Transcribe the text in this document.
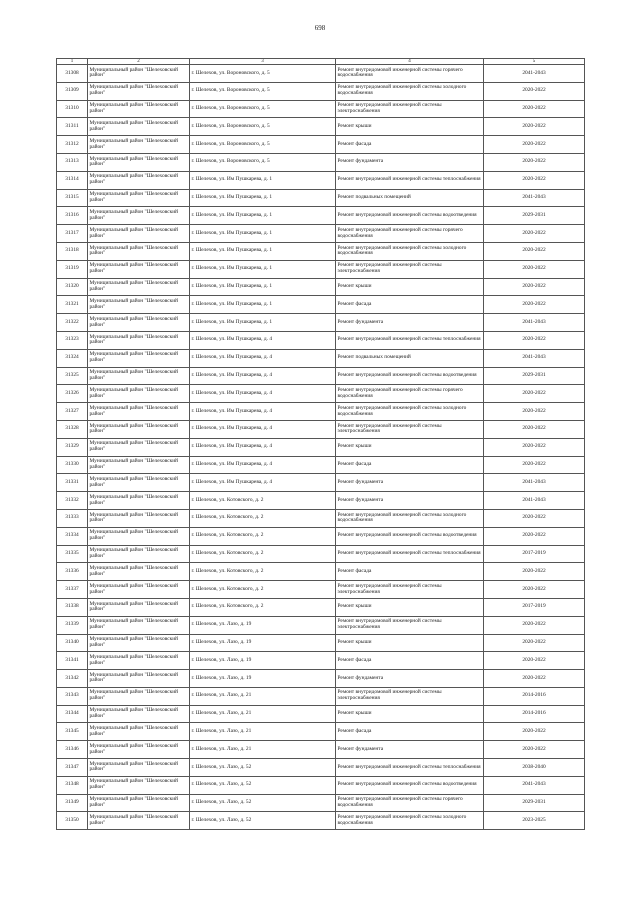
698
1	2	3	4	5
31308	Муниципальный район "Шелеховский район"	г. Шелехов, ул. Вороновского, д. 5	Ремонт внутридомовой инженерной системы горячего водоснабжения	2041-2043
31309	Муниципальный район "Шелеховский район"	г. Шелехов, ул. Вороновского, д. 5	Ремонт внутридомовой инженерной системы холодного водоснабжения	2020-2022
31310	Муниципальный район "Шелеховский район"	г. Шелехов, ул. Вороновского, д. 5	Ремонт внутридомовой инженерной системы электроснабжения	2020-2022
31311	Муниципальный район "Шелеховский район"	г. Шелехов, ул. Вороновского, д. 5	Ремонт крыши	2020-2022
31312	Муниципальный район "Шелеховский район"	г. Шелехов, ул. Вороновского, д. 5	Ремонт фасада	2020-2022
31313	Муниципальный район "Шелеховский район"	г. Шелехов, ул. Вороновского, д. 5	Ремонт фундамента	2020-2022
31314	Муниципальный район "Шелеховский район"	г. Шелехов, ул. Им Пушкарева, д. 1	Ремонт внутридомовой инженерной системы теплоснабжения	2020-2022
31315	Муниципальный район "Шелеховский район"	г. Шелехов, ул. Им Пушкарева, д. 1	Ремонт подвальных помещений	2041-2043
31316	Муниципальный район "Шелеховский район"	г. Шелехов, ул. Им Пушкарева, д. 1	Ремонт внутридомовой инженерной системы водоотведения	2029-2031
31317	Муниципальный район "Шелеховский район"	г. Шелехов, ул. Им Пушкарева, д. 1	Ремонт внутридомовой инженерной системы горячего водоснабжения	2020-2022
31318	Муниципальный район "Шелеховский район"	г. Шелехов, ул. Им Пушкарева, д. 1	Ремонт внутридомовой инженерной системы холодного водоснабжения	2020-2022
31319	Муниципальный район "Шелеховский район"	г. Шелехов, ул. Им Пушкарева, д. 1	Ремонт внутридомовой инженерной системы электроснабжения	2020-2022
31320	Муниципальный район "Шелеховский район"	г. Шелехов, ул. Им Пушкарева, д. 1	Ремонт крыши	2020-2022
31321	Муниципальный район "Шелеховский район"	г. Шелехов, ул. Им Пушкарева, д. 1	Ремонт фасада	2020-2022
31322	Муниципальный район "Шелеховский район"	г. Шелехов, ул. Им Пушкарева, д. 1	Ремонт фундамента	2041-2043
31323	Муниципальный район "Шелеховский район"	г. Шелехов, ул. Им Пушкарева, д. 4	Ремонт внутридомовой инженерной системы теплоснабжения	2020-2022
31324	Муниципальный район "Шелеховский район"	г. Шелехов, ул. Им Пушкарева, д. 4	Ремонт подвальных помещений	2041-2043
31325	Муниципальный район "Шелеховский район"	г. Шелехов, ул. Им Пушкарева, д. 4	Ремонт внутридомовой инженерной системы водоотведения	2029-2031
31326	Муниципальный район "Шелеховский район"	г. Шелехов, ул. Им Пушкарева, д. 4	Ремонт внутридомовой инженерной системы горячего водоснабжения	2020-2022
31327	Муниципальный район "Шелеховский район"	г. Шелехов, ул. Им Пушкарева, д. 4	Ремонт внутридомовой инженерной системы холодного водоснабжения	2020-2022
31328	Муниципальный район "Шелеховский район"	г. Шелехов, ул. Им Пушкарева, д. 4	Ремонт внутридомовой инженерной системы электроснабжения	2020-2022
31329	Муниципальный район "Шелеховский район"	г. Шелехов, ул. Им Пушкарева, д. 4	Ремонт крыши	2020-2022
31330	Муниципальный район "Шелеховский район"	г. Шелехов, ул. Им Пушкарева, д. 4	Ремонт фасада	2020-2022
31331	Муниципальный район "Шелеховский район"	г. Шелехов, ул. Им Пушкарева, д. 4	Ремонт фундамента	2041-2043
31332	Муниципальный район "Шелеховский район"	г. Шелехов, ул. Котовского, д. 2	Ремонт фундамента	2041-2043
31333	Муниципальный район "Шелеховский район"	г. Шелехов, ул. Котовского, д. 2	Ремонт внутридомовой инженерной системы холодного водоснабжения	2020-2022
31334	Муниципальный район "Шелеховский район"	г. Шелехов, ул. Котовского, д. 2	Ремонт внутридомовой инженерной системы водоотведения	2020-2022
31335	Муниципальный район "Шелеховский район"	г. Шелехов, ул. Котовского, д. 2	Ремонт внутридомовой инженерной системы теплоснабжения	2017-2019
31336	Муниципальный район "Шелеховский район"	г. Шелехов, ул. Котовского, д. 2	Ремонт фасада	2020-2022
31337	Муниципальный район "Шелеховский район"	г. Шелехов, ул. Котовского, д. 2	Ремонт внутридомовой инженерной системы электроснабжения	2020-2022
31338	Муниципальный район "Шелеховский район"	г. Шелехов, ул. Котовского, д. 2	Ремонт крыши	2017-2019
31339	Муниципальный район "Шелеховский район"	г. Шелехов, ул. Лазо, д. 19	Ремонт внутридомовой инженерной системы электроснабжения	2020-2022
31340	Муниципальный район "Шелеховский район"	г. Шелехов, ул. Лазо, д. 19	Ремонт крыши	2020-2022
31341	Муниципальный район "Шелеховский район"	г. Шелехов, ул. Лазо, д. 19	Ремонт фасада	2020-2022
31342	Муниципальный район "Шелеховский район"	г. Шелехов, ул. Лазо, д. 19	Ремонт фундамента	2020-2022
31343	Муниципальный район "Шелеховский район"	г. Шелехов, ул. Лазо, д. 21	Ремонт внутридомовой инженерной системы электроснабжения	2014-2016
31344	Муниципальный район "Шелеховский район"	г. Шелехов, ул. Лазо, д. 21	Ремонт крыши	2014-2016
31345	Муниципальный район "Шелеховский район"	г. Шелехов, ул. Лазо, д. 21	Ремонт фасада	2020-2022
31346	Муниципальный район "Шелеховский район"	г. Шелехов, ул. Лазо, д. 21	Ремонт фундамента	2020-2022
31347	Муниципальный район "Шелеховский район"	г. Шелехов, ул. Лазо, д. 52	Ремонт внутридомовой инженерной системы теплоснабжения	2038-2040
31348	Муниципальный район "Шелеховский район"	г. Шелехов, ул. Лазо, д. 52	Ремонт внутридомовой инженерной системы водоотведения	2041-2043
31349	Муниципальный район "Шелеховский район"	г. Шелехов, ул. Лазо, д. 52	Ремонт внутридомовой инженерной системы горячего водоснабжения	2029-2031
31350	Муниципальный район "Шелеховский район"	г. Шелехов, ул. Лазо, д. 52	Ремонт внутридомовой инженерной системы холодного водоснабжения	2023-2025
